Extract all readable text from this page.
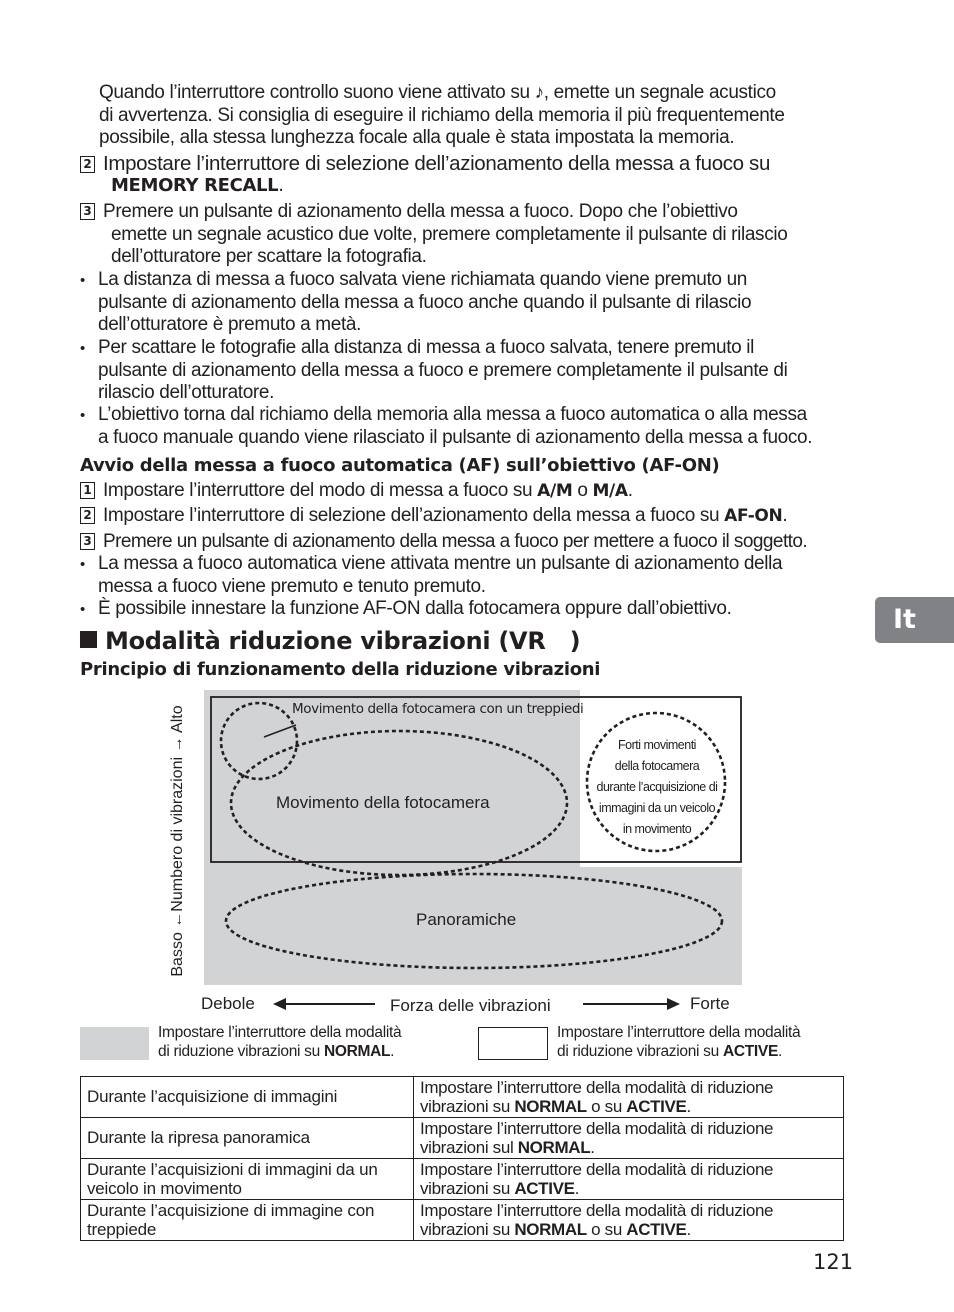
Quando l’interruttore controllo suono viene attivato su ♪, emette un segnale acustico
di avvertenza. Si consiglia di eseguire il richiamo della memoria il più frequentemente
possibile, alla stessa lunghezza focale alla quale è stata impostata la memoria.
2 Impostare l’interruttore di selezione dell’azionamento della messa a fuoco su
MEMORY RECALL.
3 Premere un pulsante di azionamento della messa a fuoco. Dopo che l’obiettivo
emette un segnale acustico due volte, premere completamente il pulsante di rilascio
dell’otturatore per scattare la fotografia.
• La distanza di messa a fuoco salvata viene richiamata quando viene premuto un
pulsante di azionamento della messa a fuoco anche quando il pulsante di rilascio
dell’otturatore è premuto a metà.
• Per scattare le fotografie alla distanza di messa a fuoco salvata, tenere premuto il
pulsante di azionamento della messa a fuoco e premere completamente il pulsante di
rilascio dell’otturatore.
• L’obiettivo torna dal richiamo della memoria alla messa a fuoco automatica o alla messa
a fuoco manuale quando viene rilasciato il pulsante di azionamento della messa a fuoco.
Avvio della messa a fuoco automatica (AF) sull’obiettivo (AF-ON)
1 Impostare l’interruttore del modo di messa a fuoco su A/M o M/A.
2 Impostare l’interruttore di selezione dell’azionamento della messa a fuoco su AF-ON.
3 Premere un pulsante di azionamento della messa a fuoco per mettere a fuoco il soggetto.
• La messa a fuoco automatica viene attivata mentre un pulsante di azionamento della
messa a fuoco viene premuto e tenuto premuto.
• È possibile innestare la funzione AF-ON dalla fotocamera oppure dall’obiettivo.	It
Modalità riduzione vibrazioni (VR   )
Principio di funzionamento della riduzione vibrazioni
Basso ←Numbero di vibrazioni → Alto	Movimento della fotocamera con un treppiedi
Movimento della fotocamera
Panoramiche
Forti movimenti
della fotocamera
durante l’acquisizione di
immagini da un veicolo
in movimento
Debole	Forza delle vibrazioni	Forte
Impostare l’interruttore della modalità
di riduzione vibrazioni su NORMAL.
Impostare l’interruttore della modalità
di riduzione vibrazioni su ACTIVE.
Durante l’acquisizione di immagini	Impostare l’interruttore della modalità di riduzione
vibrazioni su NORMAL o su ACTIVE.

Durante la ripresa panoramica	Impostare l’interruttore della modalità di riduzione
vibrazioni sul NORMAL.

Durante l’acquisizioni di immagini da un veicolo in movimento	Impostare l’interruttore della modalità di riduzione
vibrazioni su ACTIVE.

Durante l’acquisizione di immagine con treppiede	Impostare l’interruttore della modalità di riduzione
vibrazioni su NORMAL o su ACTIVE.
121
